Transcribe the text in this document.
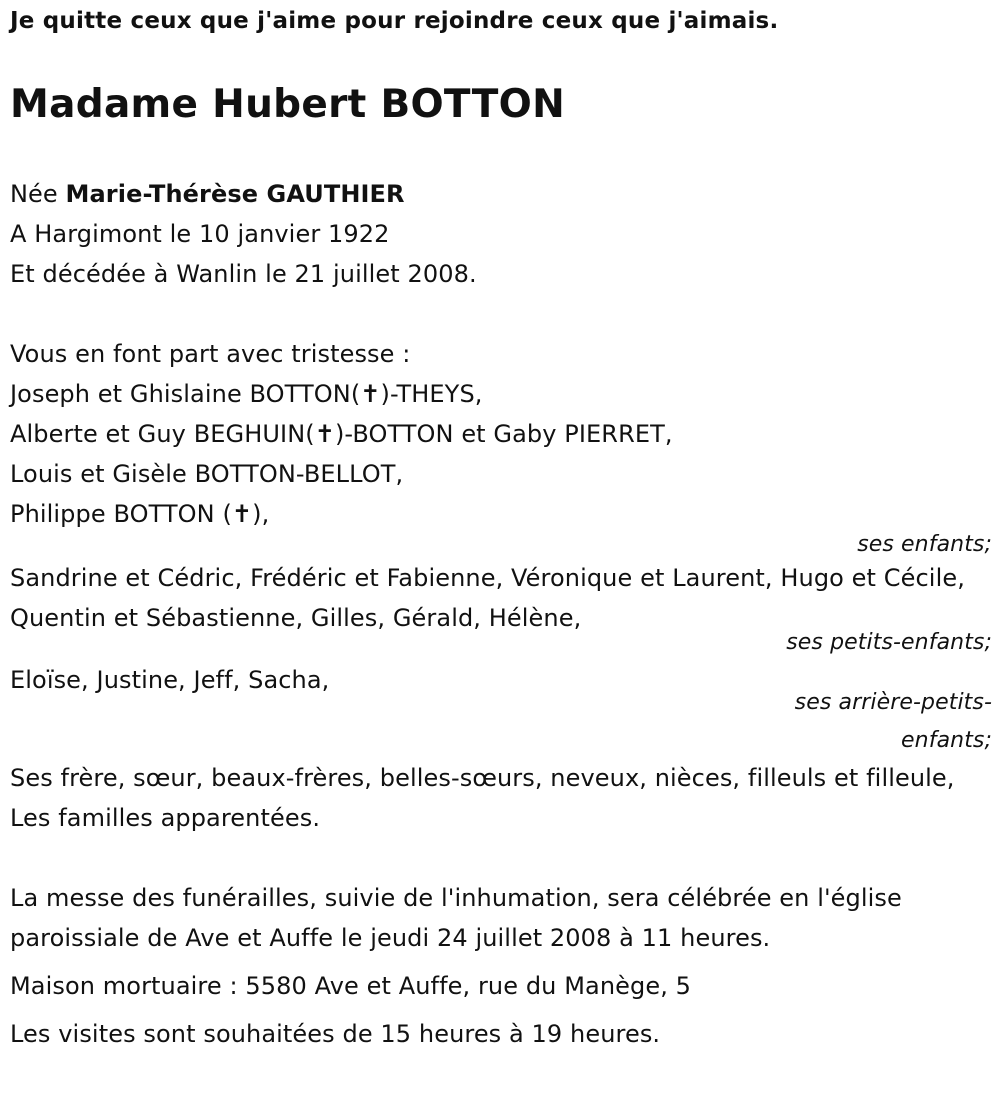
Je quitte ceux que j'aime pour rejoindre ceux que j'aimais.
Madame Hubert BOTTON
Née Marie-Thérèse GAUTHIER
A Hargimont le 10 janvier 1922
Et décédée à Wanlin le 21 juillet 2008.
Vous en font part avec tristesse :
Joseph et Ghislaine BOTTON(✝)-THEYS,
Alberte et Guy BEGHUIN(✝)-BOTTON et Gaby PIERRET,
Louis et Gisèle BOTTON-BELLOT,
Philippe BOTTON (✝),
ses enfants;
Sandrine et Cédric, Frédéric et Fabienne, Véronique et Laurent, Hugo et Cécile, Quentin et Sébastienne, Gilles, Gérald, Hélène,
ses petits-enfants;
Eloïse, Justine, Jeff, Sacha,
ses arrière-petits-
enfants;
Ses frère, sœur, beaux-frères, belles-sœurs, neveux, nièces, filleuls et filleule,
Les familles apparentées.
La messe des funérailles, suivie de l'inhumation, sera célébrée en l'église paroissiale de Ave et Auffe le jeudi 24 juillet 2008 à 11 heures.
Maison mortuaire : 5580 Ave et Auffe, rue du Manège, 5
Les visites sont souhaitées de 15 heures à 19 heures.
